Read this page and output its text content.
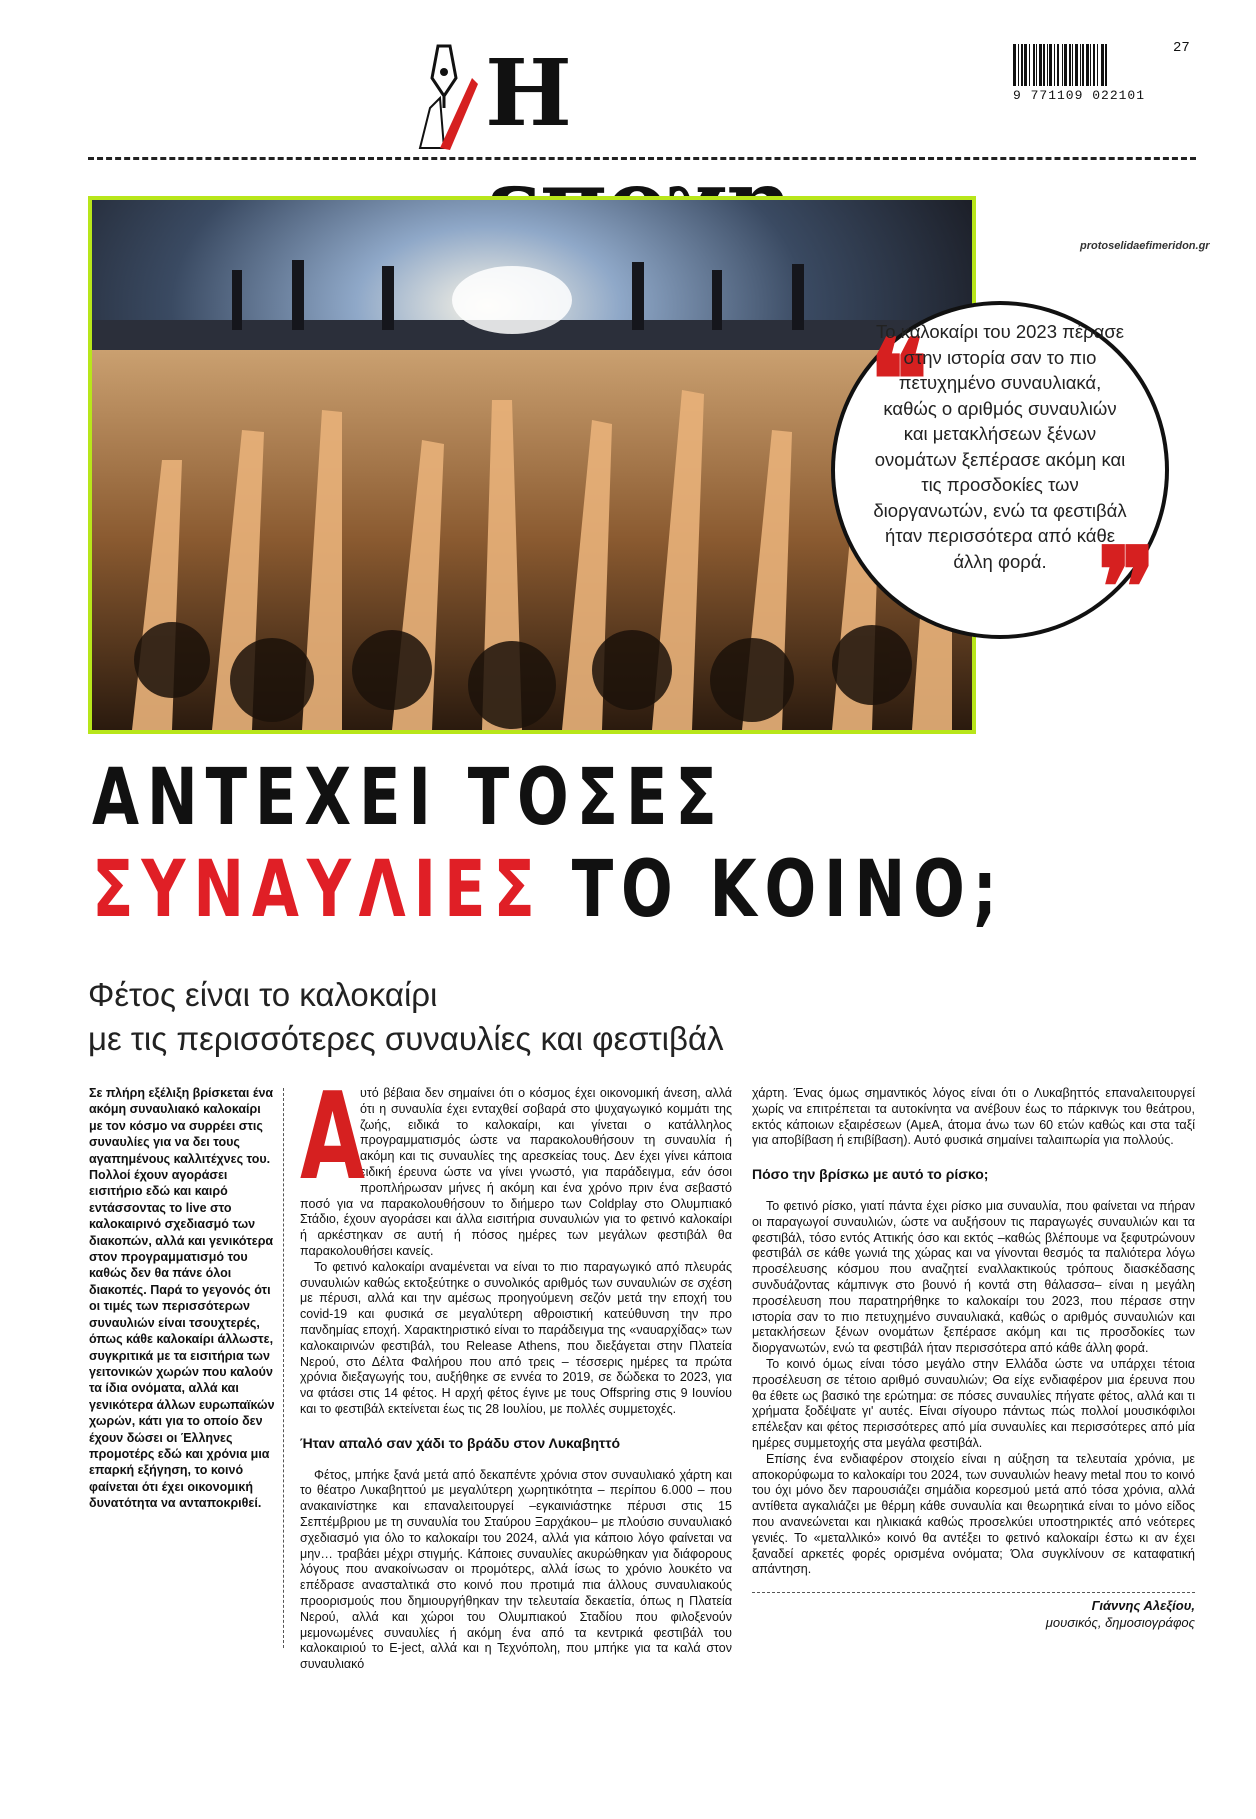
Η	9 771109 022101
27
protoselidaefimeridon.gr
❝
Το καλοκαίρι του 2023 πέρασε στην ιστορία σαν το πιο πετυχημένο συναυλιακά, καθώς ο αριθμός συναυλιών και μετακλήσεων ξένων ονομάτων ξεπέρασε ακόμη και τις προσδοκίες των διοργανωτών, ενώ τα φεστιβάλ ήταν περισσότερα από κάθε άλλη φορά. ❞
ΑΝΤΕΧΕΙ ΤΟΣΕΣ
ΣΥΝΑΥΛΙΕΣ ΤΟ ΚΟΙΝΟ;
Φέτος είναι το καλοκαίρι
με τις περισσότερες συναυλίες και φεστιβάλ
Σε πλήρη εξέλιξη βρίσκεται ένα ακόμη συναυλιακό καλοκαίρι με τον κόσμο να συρρέει στις συναυλίες για να δει τους αγαπημένους καλλιτέχνες του. Πολλοί έχουν αγοράσει εισιτήριο εδώ και καιρό εντάσσοντας το live στο καλοκαιρινό σχεδιασμό των διακοπών, αλλά και γενικότερα στον προγραμματισμό του καθώς δεν θα πάνε όλοι διακοπές. Παρά το γεγονός ότι οι τιμές των περισσότερων συναυλιών είναι τσουχτερές, όπως κάθε καλοκαίρι άλλωστε, συγκριτικά με τα εισιτήρια των γειτονικών χωρών που καλούν τα ίδια ονόματα, αλλά και γενικότερα άλλων ευρωπαϊκών χωρών, κάτι για το οποίο δεν έχουν δώσει οι Έλληνες προμοτέρς εδώ και χρόνια μια επαρκή εξήγηση, το κοινό φαίνεται ότι έχει οικονομική δυνατότητα να ανταποκριθεί.
Α

υτό βέβαια δεν σημαίνει ότι ο κόσμος έχει οικονομική άνεση, αλλά ότι η συναυλία έχει ενταχθεί σοβαρά στο ψυχαγωγικό κομμάτι της ζωής, ειδικά το καλοκαίρι, και γίνεται ο κατάλληλος προγραμματισμός ώστε να παρακολουθήσουν τη συναυλία ή ακόμη και τις συναυλίες της αρεσκείας τους. Δεν έχει γίνει κάποια ειδική έρευνα ώστε να γίνει γνωστό, για παράδειγμα, εάν όσοι προπλήρωσαν μήνες ή ακόμη και ένα χρόνο πριν ένα σεβαστό ποσό για να παρακολουθήσουν το διήμερο των Coldplay στο Ολυμπιακό Στάδιο, έχουν αγοράσει και άλλα εισιτήρια συναυλιών για το φετινό καλοκαίρι ή αρκέστηκαν σε αυτή ή πόσος ημέρες των μεγάλων φεστιβάλ θα παρακολουθήσει κανείς.

Το φετινό καλοκαίρι αναμένεται να είναι το πιο παραγωγικό από πλευράς συναυλιών καθώς εκτοξεύτηκε ο συνολικός αριθμός των συναυλιών σε σχέση με πέρυσι, αλλά και την αμέσως προηγούμενη σεζόν μετά την εποχή του covid-19 και φυσικά σε μεγαλύτερη αθροιστική κατεύθυνση την προ πανδημίας εποχή. Χαρακτηριστικό είναι το παράδειγμα της «ναυαρχίδας» των καλοκαιρινών φεστιβάλ, του Release Athens, που διεξάγεται στην Πλατεία Νερού, στο Δέλτα Φαλήρου που από τρεις – τέσσερις ημέρες τα πρώτα χρόνια διεξαγωγής του, αυξήθηκε σε εννέα το 2019, σε δώδεκα το 2023, για να φτάσει στις 14 φέτος. Η αρχή φέτος έγινε με τους Offspring στις 9 Ιουνίου και το φεστιβάλ εκτείνεται έως τις 28 Ιουλίου, με πολλές συμμετοχές.

Ήταν απαλό σαν χάδι το βράδυ στον Λυκαβηττό

Φέτος, μπήκε ξανά μετά από δεκαπέντε χρόνια στον συναυλιακό χάρτη και το θέατρο Λυκαβηττού με μεγαλύτερη χωρητικότητα – περίπου 6.000 – που ανακαινίστηκε και επαναλειτουργεί –εγκαινιάστηκε πέρυσι στις 15 Σεπτέμβριου με τη συναυλία του Σταύρου Ξαρχάκου– με πλούσιο συναυλιακό σχεδιασμό για όλο το καλοκαίρι του 2024, αλλά για κάποιο λόγο φαίνεται να μην… τραβάει μέχρι στιγμής. Κάποιες συναυλίες ακυρώθηκαν για διάφορους λόγους που ανακοίνωσαν οι προμότερς, αλλά ίσως το χρόνιο λουκέτο να επέδρασε ανασταλτικά στο κοινό που προτιμά πια άλλους συναυλιακούς προορισμούς που δημιουργήθηκαν την τελευταία δεκαετία, όπως η Πλατεία Νερού, αλλά και χώροι του Ολυμπιακού Σταδίου που φιλοξενούν μεμονωμένες συναυλίες ή ακόμη ένα από τα κεντρικά φεστιβάλ του καλοκαιριού το E-ject, αλλά και η Τεχνόπολη, που μπήκε για τα καλά στον συναυλιακό

χάρτη. Ένας όμως σημαντικός λόγος είναι ότι ο Λυκαβηττός επαναλειτουργεί χωρίς να επιτρέπεται τα αυτοκίνητα να ανέβουν έως το πάρκινγκ του θεάτρου, εκτός κάποιων εξαιρέσεων (ΑμεΑ, άτομα άνω των 60 ετών καθώς και στα ταξί για αποβίβαση ή επιβίβαση). Αυτό φυσικά σημαίνει ταλαιπωρία για πολλούς.

Πόσο την βρίσκω με αυτό το ρίσκο;

Το φετινό ρίσκο, γιατί πάντα έχει ρίσκο μια συναυλία, που φαίνεται να πήραν οι παραγωγοί συναυλιών, ώστε να αυξήσουν τις παραγωγές συναυλιών και τα φεστιβάλ, τόσο εντός Αττικής όσο και εκτός –καθώς βλέπουμε να ξεφυτρώνουν φεστιβάλ σε κάθε γωνιά της χώρας και να γίνονται θεσμός τα παλιότερα λόγω προσέλευσης κόσμου που αναζητεί εναλλακτικούς τρόπους διασκέδασης συνδυάζοντας κάμπινγκ στο βουνό ή κοντά στη θάλασσα– είναι η μεγάλη προσέλευση που παρατηρήθηκε το καλοκαίρι του 2023, που πέρασε στην ιστορία σαν το πιο πετυχημένο συναυλιακά, καθώς ο αριθμός συναυλιών και μετακλήσεων ξένων ονομάτων ξεπέρασε ακόμη και τις προσδοκίες των διοργανωτών, ενώ τα φεστιβάλ ήταν περισσότερα από κάθε άλλη φορά.

Το κοινό όμως είναι τόσο μεγάλο στην Ελλάδα ώστε να υπάρχει τέτοια προσέλευση σε τέτοιο αριθμό συναυλιών; Θα είχε ενδιαφέρον μια έρευνα που θα έθετε ως βασικό τηε ερώτημα: σε πόσες συναυλίες πήγατε φέτος, αλλά και τι χρήματα ξοδέψατε γι' αυτές. Είναι σίγουρο πάντως πώς πολλοί μουσικόφιλοι επέλεξαν και φέτος περισσότερες από μία συναυλίες και περισσότερες από μία ημέρες συμμετοχής στα μεγάλα φεστιβάλ.

Επίσης ένα ενδιαφέρον στοιχείο είναι η αύξηση τα τελευταία χρόνια, με αποκορύφωμα το καλοκαίρι του 2024, των συναυλιών heavy metal που το κοινό του όχι μόνο δεν παρουσιάζει σημάδια κορεσμού μετά από τόσα χρόνια, αλλά αντίθετα αγκαλιάζει με θέρμη κάθε συναυλία και θεωρητικά είναι το μόνο είδος που ανανεώνεται και ηλικιακά καθώς προσελκύει υποστηρικτές από νεότερες γενιές. Το «μεταλλικό» κοινό θα αντέξει το φετινό καλοκαίρι έστω κι αν έχει ξαναδεί αρκετές φορές ορισμένα ονόματα; Όλα συγκλίνουν σε καταφατική απάντηση.

Γιάννης Αλεξίου,
μουσικός, δημοσιογράφος
